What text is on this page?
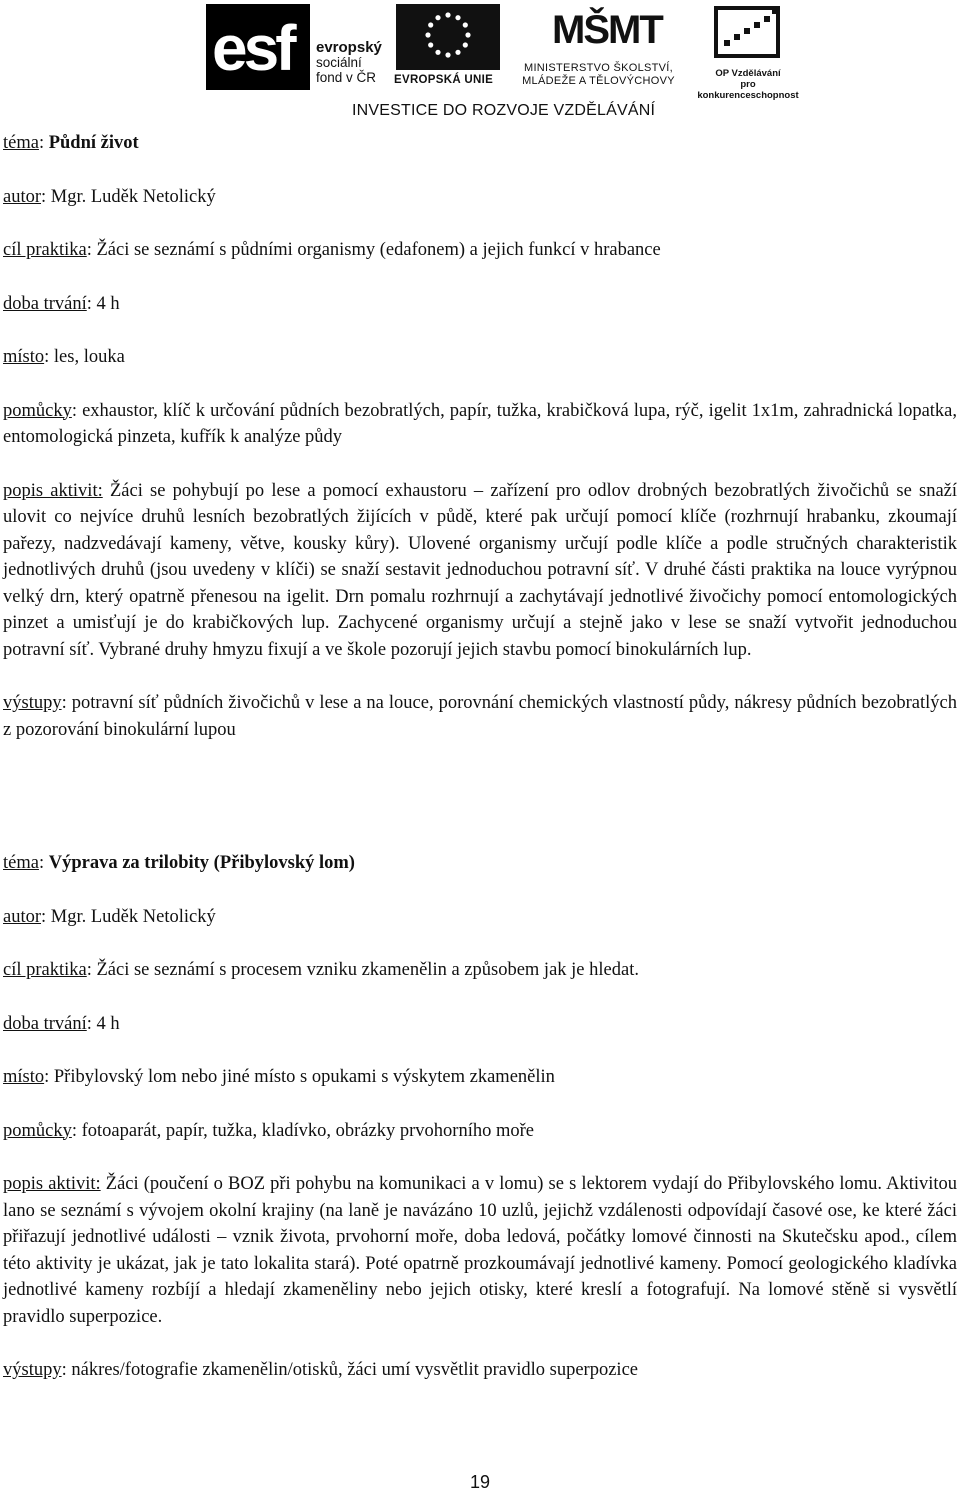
esf evropský
sociální
fond v ČR	EVROPSKÁ UNIE
MŠMT
MINISTERSTVO ŠKOLSTVÍ,
MLÁDEŽE A TĚLOVÝCHOVY
OP Vzdělávání
pro konkurenceschopnost
INVESTICE DO ROZVOJE VZDĚLÁVÁNÍ

téma: Půdní život

autor: Mgr. Luděk Netolický

cíl praktika: Žáci se seznámí s půdními organismy (edafonem) a jejich funkcí v hrabance

doba trvání: 4 h

místo: les, louka

pomůcky: exhaustor, klíč k určování půdních bezobratlých, papír, tužka, krabičková lupa, rýč, igelit 1x1m, zahradnická lopatka, entomologická pinzeta, kufřík k analýze půdy

popis aktivit: Žáci se pohybují po lese a pomocí exhaustoru – zařízení pro odlov drobných bezobratlých živočichů se snaží ulovit co nejvíce druhů lesních bezobratlých žijících v půdě, které pak určují pomocí klíče (rozhrnují hrabanku, zkoumají pařezy, nadzvedávají kameny, větve, kousky kůry). Ulovené organismy určují podle klíče a podle stručných charakteristik jednotlivých druhů (jsou uvedeny v klíči) se snaží sestavit jednoduchou potravní síť. V druhé části praktika na louce vyrýpnou velký drn, který opatrně přenesou na igelit. Drn pomalu rozhrnují a zachytávají jednotlivé živočichy pomocí entomologických pinzet a umisťují je do krabičkových lup. Zachycené organismy určují a stejně jako v lese se snaží vytvořit jednoduchou potravní síť. Vybrané druhy hmyzu fixují a ve škole pozorují jejich stavbu pomocí binokulárních lup.

výstupy: potravní síť půdních živočichů v lese a na louce, porovnání chemických vlastností půdy, nákresy půdních bezobratlých z pozorování binokulární lupou

téma: Výprava za trilobity (Přibylovský lom)

autor: Mgr. Luděk Netolický

cíl praktika: Žáci se seznámí s procesem vzniku zkamenělin a způsobem jak je hledat.

doba trvání: 4 h

místo: Přibylovský lom nebo jiné místo s opukami s výskytem zkamenělin

pomůcky: fotoaparát, papír, tužka, kladívko, obrázky prvohorního moře

popis aktivit: Žáci (poučení o BOZ při pohybu na komunikaci a v lomu) se s lektorem vydají do Přibylovského lomu. Aktivitou lano se seznámí s vývojem okolní krajiny (na laně je navázáno 10 uzlů, jejichž vzdálenosti odpovídají časové ose, ke které žáci přiřazují jednotlivé události – vznik života, prvohorní moře, doba ledová, počátky lomové činnosti na Skutečsku apod., cílem této aktivity je ukázat, jak je tato lokalita stará). Poté opatrně prozkoumávají jednotlivé kameny. Pomocí geologického kladívka jednotlivé kameny rozbíjí a hledají zkameněliny nebo jejich otisky, které kreslí a fotografují. Na lomové stěně si vysvětlí pravidlo superpozice.

výstupy: nákres/fotografie zkamenělin/otisků, žáci umí vysvětlit pravidlo superpozice

19
